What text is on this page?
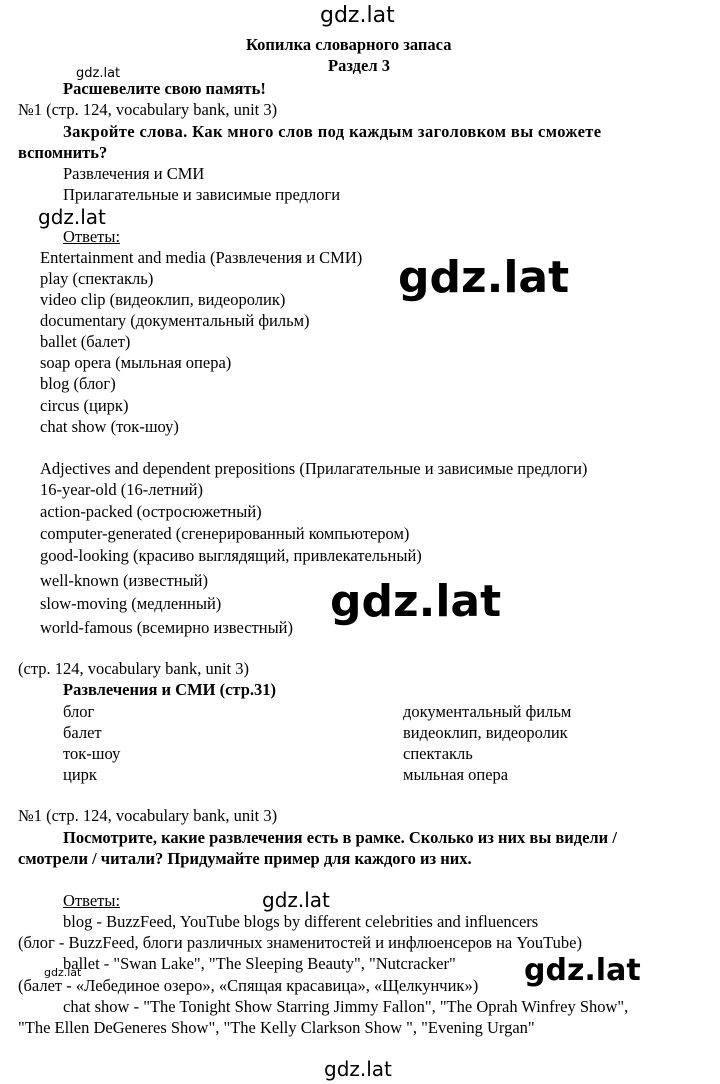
gdz.lat
gdz.lat
gdz.lat
gdz.lat
gdz.lat
gdz.lat
gdz.lat
gdz.lat
gdz.lat
Копилка словарного запаса
Раздел 3
Расшевелите свою память!
№1 (стр. 124, vocabulary bank, unit 3)
Закройте слова. Как много слов под каждым заголовком вы сможете
вспомнить?
Развлечения и СМИ
Прилагательные и зависимые предлоги
Ответы:
Entertainment and media (Развлечения и СМИ)
play (спектакль)
video clip (видеоклип, видеоролик)
documentary (документальный фильм)
ballet (балет)
soap opera (мыльная опера)
blog (блог)
circus (цирк)
chat show (ток-шоу)
Adjectives and dependent prepositions (Прилагательные и зависимые предлоги)
16-year-old (16-летний)
action-packed (остросюжетный)
computer-generated (сгенерированный компьютером)
good-looking (красиво выглядящий, привлекательный)
well-known (известный)
slow-moving (медленный)
world-famous (всемирно известный)
(стр. 124, vocabulary bank, unit 3)
Развлечения и СМИ (стр.31)
блог
балет
ток-шоу
цирк
документальный фильм
видеоклип, видеоролик
спектакль
мыльная опера
№1 (стр. 124, vocabulary bank, unit 3)
Посмотрите, какие развлечения есть в рамке. Сколько из них вы видели /
смотрели / читали? Придумайте пример для каждого из них.
Ответы:
blog - BuzzFeed, YouTube blogs by different celebrities and influencers
(блог - BuzzFeed, блоги различных знаменитостей и инфлюенсеров на YouTube)
ballet - "Swan Lake", "The Sleeping Beauty", "Nutcracker"
(балет - «Лебединое озеро», «Спящая красавица», «Щелкунчик»)
chat show - "The Tonight Show Starring Jimmy Fallon", "The Oprah Winfrey Show",
"The Ellen DeGeneres Show", "The Kelly Clarkson Show ", "Evening Urgan"
